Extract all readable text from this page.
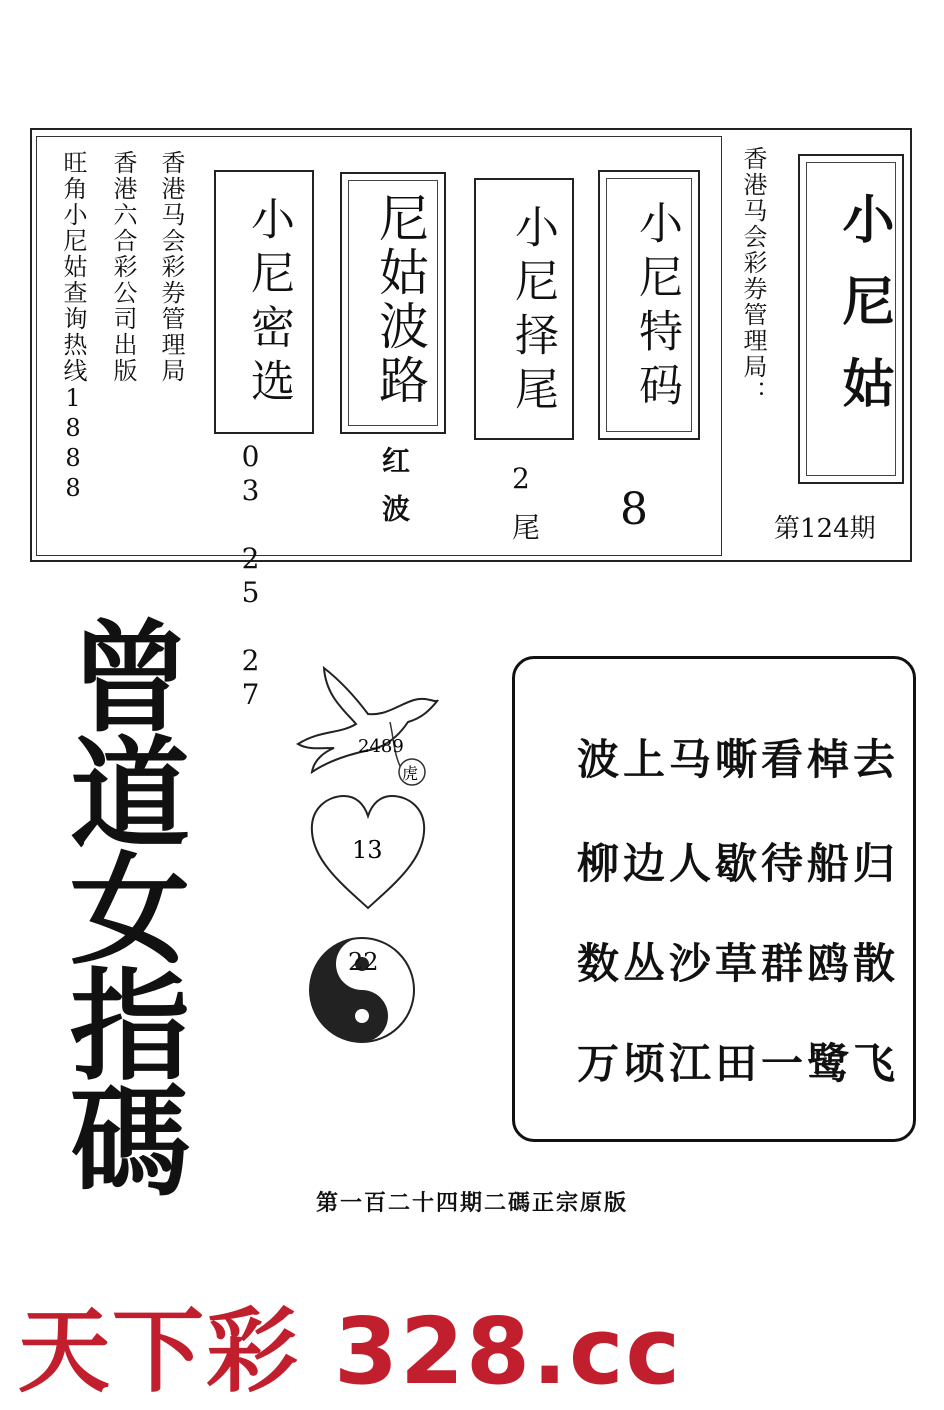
旺角小尼姑查询热线1888 香港六合彩公司出版 香港马会彩券管理局 小尼密选
03 25 27
尼姑波路
红波
小尼择尾
2
尾
小尼特码
8
香港马会彩券管理局： 小尼姑
第124期
曾
道
女
指
碼
2489
虎
13
22
波上马嘶看棹去
柳边人歇待船归
数丛沙草群鸥散
万顷江田一鹭飞
第一百二十四期二碼正宗原版
天下彩 328.cc
